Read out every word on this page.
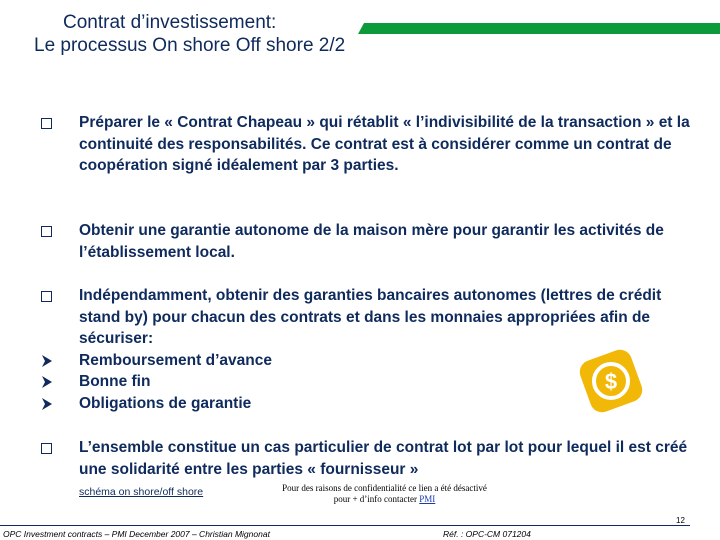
Contrat d’investissement:
Le processus On shore Off shore 2/2
Préparer le « Contrat Chapeau » qui rétablit « l’indivisibilité de la transaction » et la continuité des responsabilités. Ce contrat est à considérer comme un contrat de coopération signé idéalement par 3 parties.
Obtenir une garantie autonome de la maison mère pour garantir les activités de l’établissement local.
Indépendamment, obtenir des garanties bancaires autonomes (lettres de crédit stand by) pour chacun des contrats et dans les monnaies appropriées afin de sécuriser:
Remboursement d’avance
Bonne fin
Obligations de garantie
$
L’ensemble constitue un cas particulier de contrat lot par lot pour lequel il est créé une solidarité entre les parties « fournisseur »
schéma on shore/off shore	Pour des raisons de confidentialité ce lien a été désactivé
pour + d’info contacter PMI
12
OPC Investment contracts – PMI December 2007 – Christian Mignonat	Réf. : OPC-CM 071204
